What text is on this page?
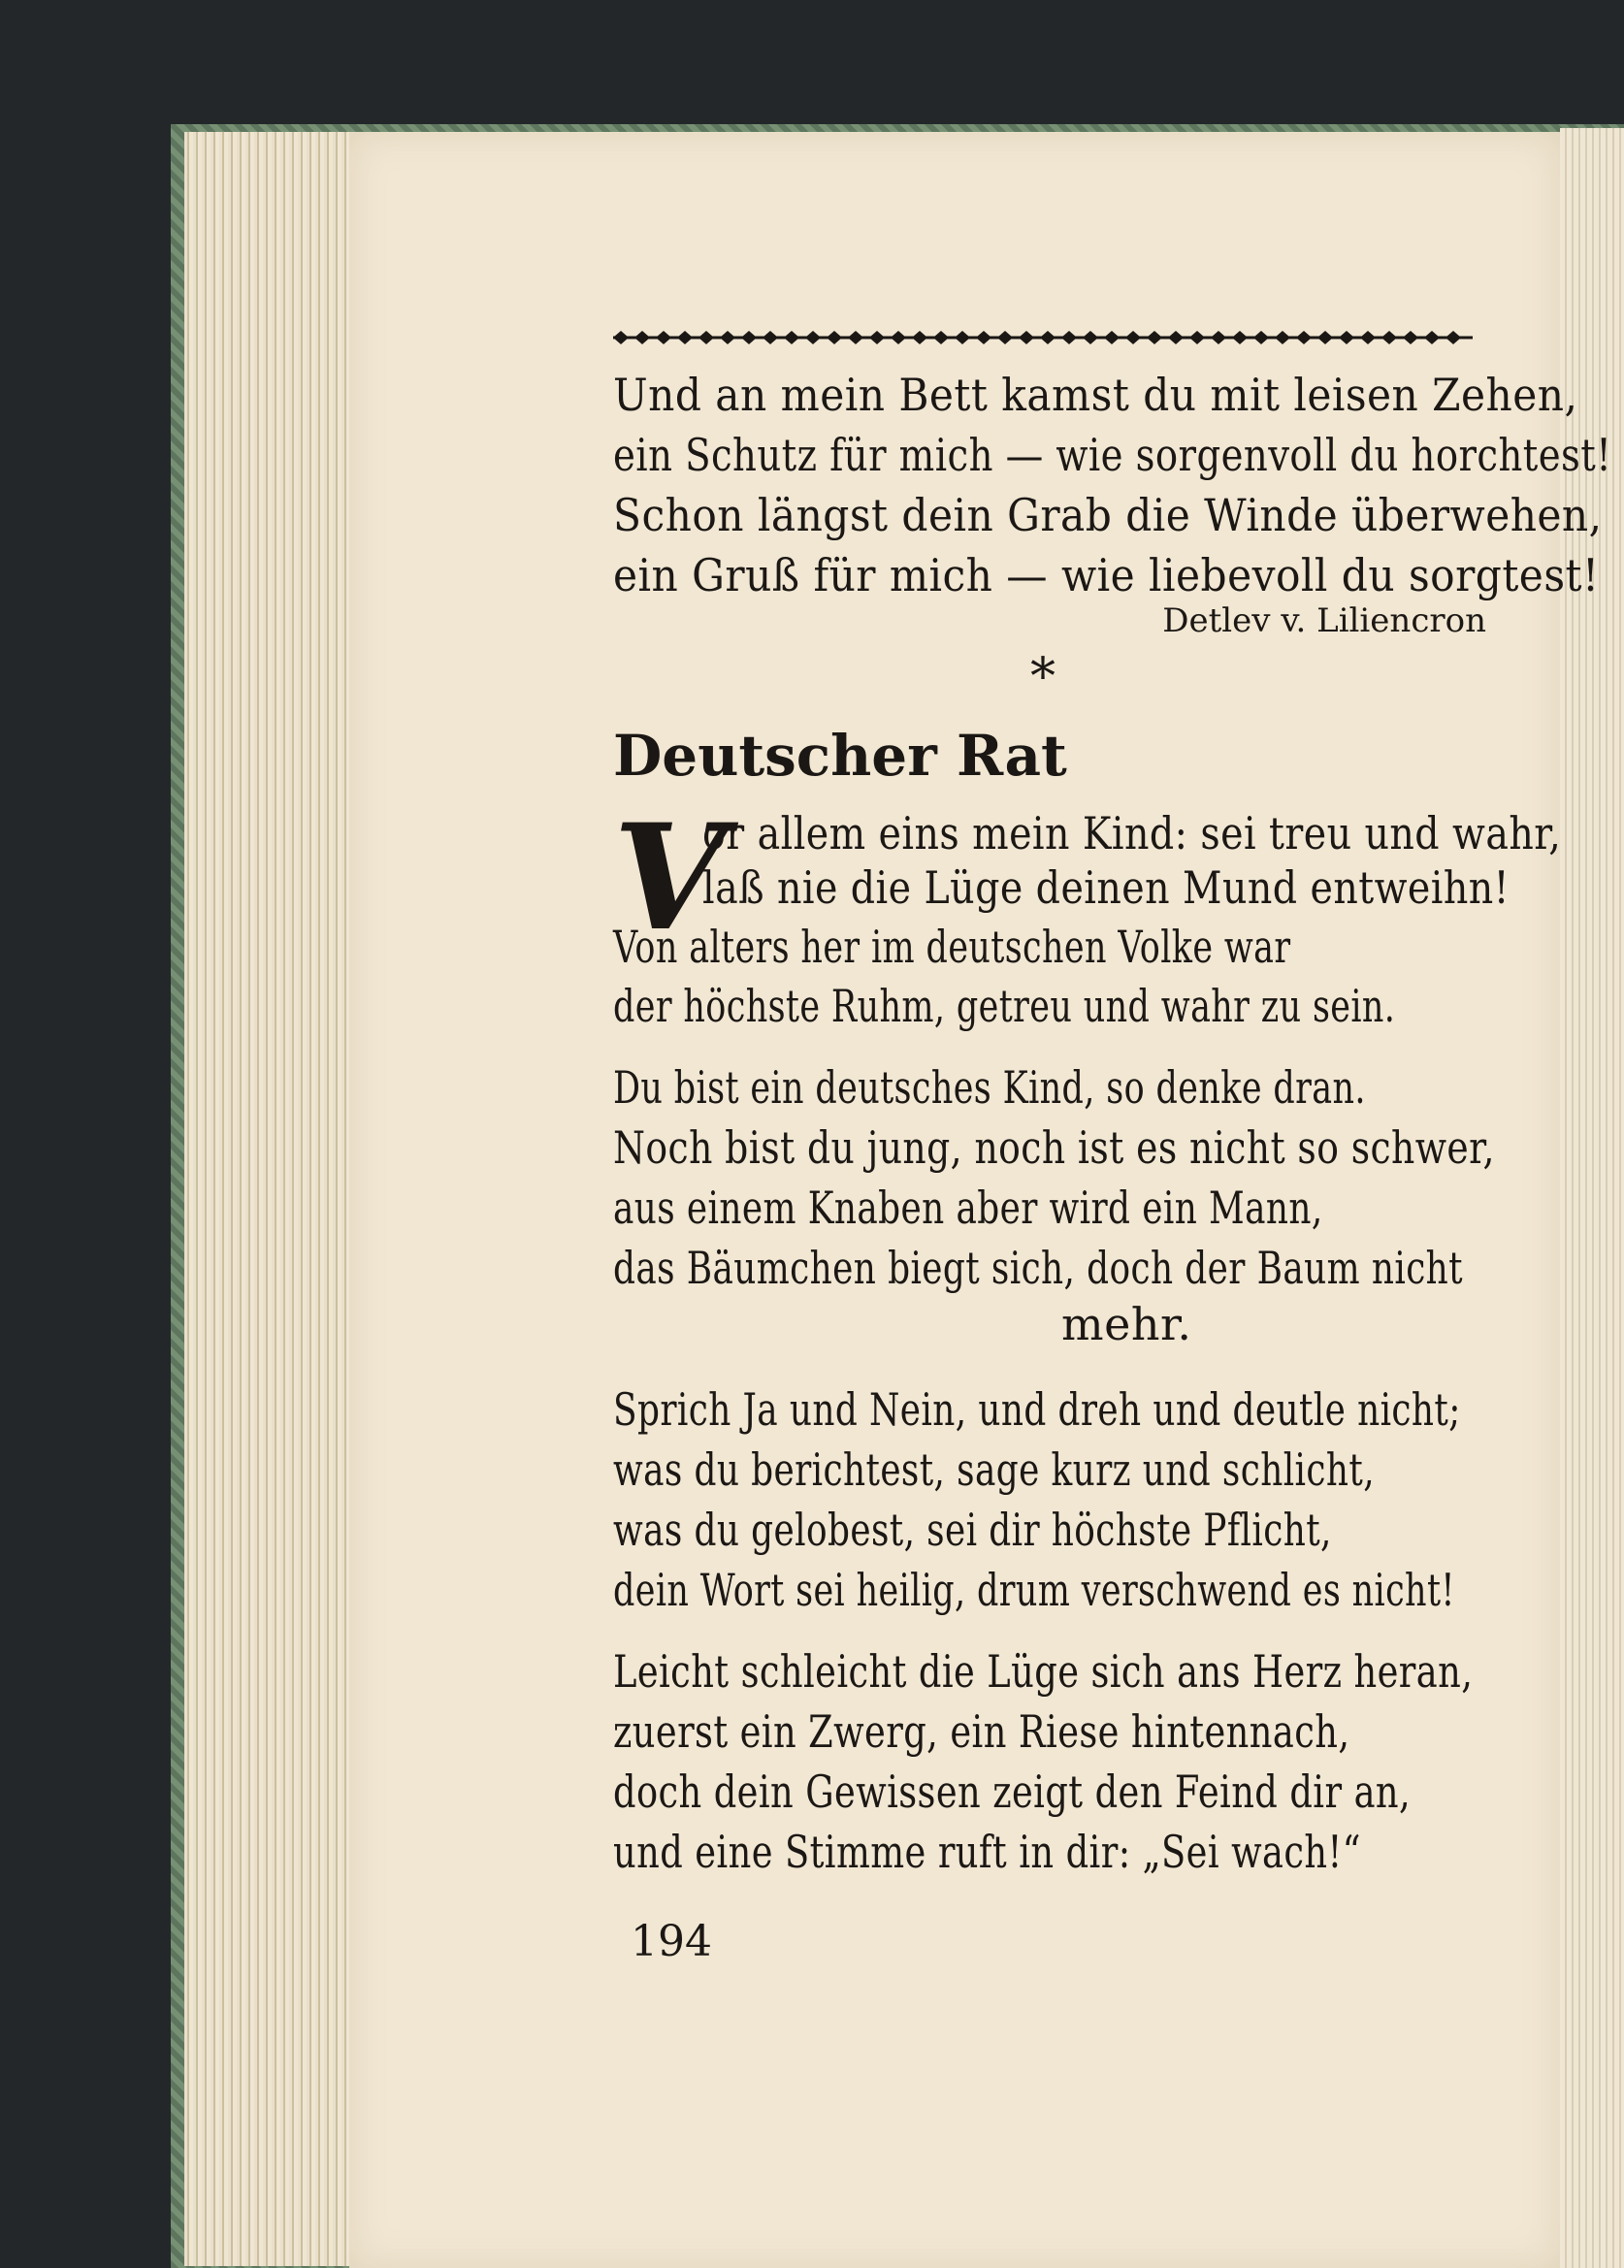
Und an mein Bett kamst du mit leisen Zehen,
ein Schutz für mich — wie sorgenvoll du horchtest!
Schon längst dein Grab die Winde überwehen,
ein Gruß für mich — wie liebevoll du sorgtest!
Detlev v. Liliencron
*
Deutscher Rat
V
or allem eins mein Kind: sei treu und wahr,
laß nie die Lüge deinen Mund entweihn!
Von alters her im deutschen Volke war
der höchste Ruhm, getreu und wahr zu sein.
Du bist ein deutsches Kind, so denke dran.
Noch bist du jung, noch ist es nicht so schwer,
aus einem Knaben aber wird ein Mann,
das Bäumchen biegt sich, doch der Baum nicht
mehr.
Sprich Ja und Nein, und dreh und deutle nicht;
was du berichtest, sage kurz und schlicht,
was du gelobest, sei dir höchste Pflicht,
dein Wort sei heilig, drum verschwend es nicht!
Leicht schleicht die Lüge sich ans Herz heran,
zuerst ein Zwerg, ein Riese hintennach,
doch dein Gewissen zeigt den Feind dir an,
und eine Stimme ruft in dir: „Sei wach!“
194
